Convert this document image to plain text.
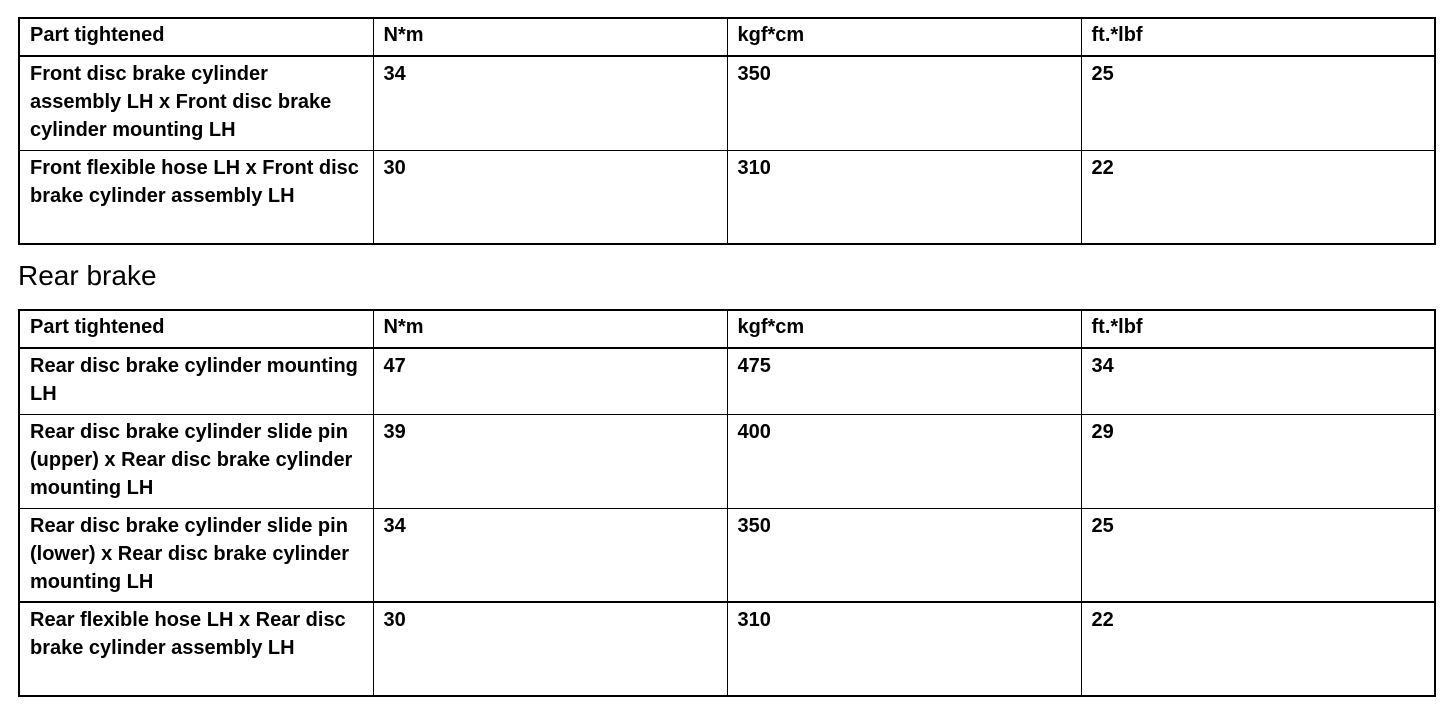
Part tightened	N*m	kgf*cm	ft.*lbf
Front disc brake cylinder assembly LH x Front disc brake cylinder mounting LH	34	350	25
Front flexible hose LH x Front disc brake cylinder assembly LH	30	310	22
Rear brake
Part tightened	N*m	kgf*cm	ft.*lbf
Rear disc brake cylinder mounting LH	47	475	34
Rear disc brake cylinder slide pin (upper) x Rear disc brake cylinder mounting LH	39	400	29
Rear disc brake cylinder slide pin (lower) x Rear disc brake cylinder mounting LH	34	350	25
Rear flexible hose LH x Rear disc brake cylinder assembly LH	30	310	22
